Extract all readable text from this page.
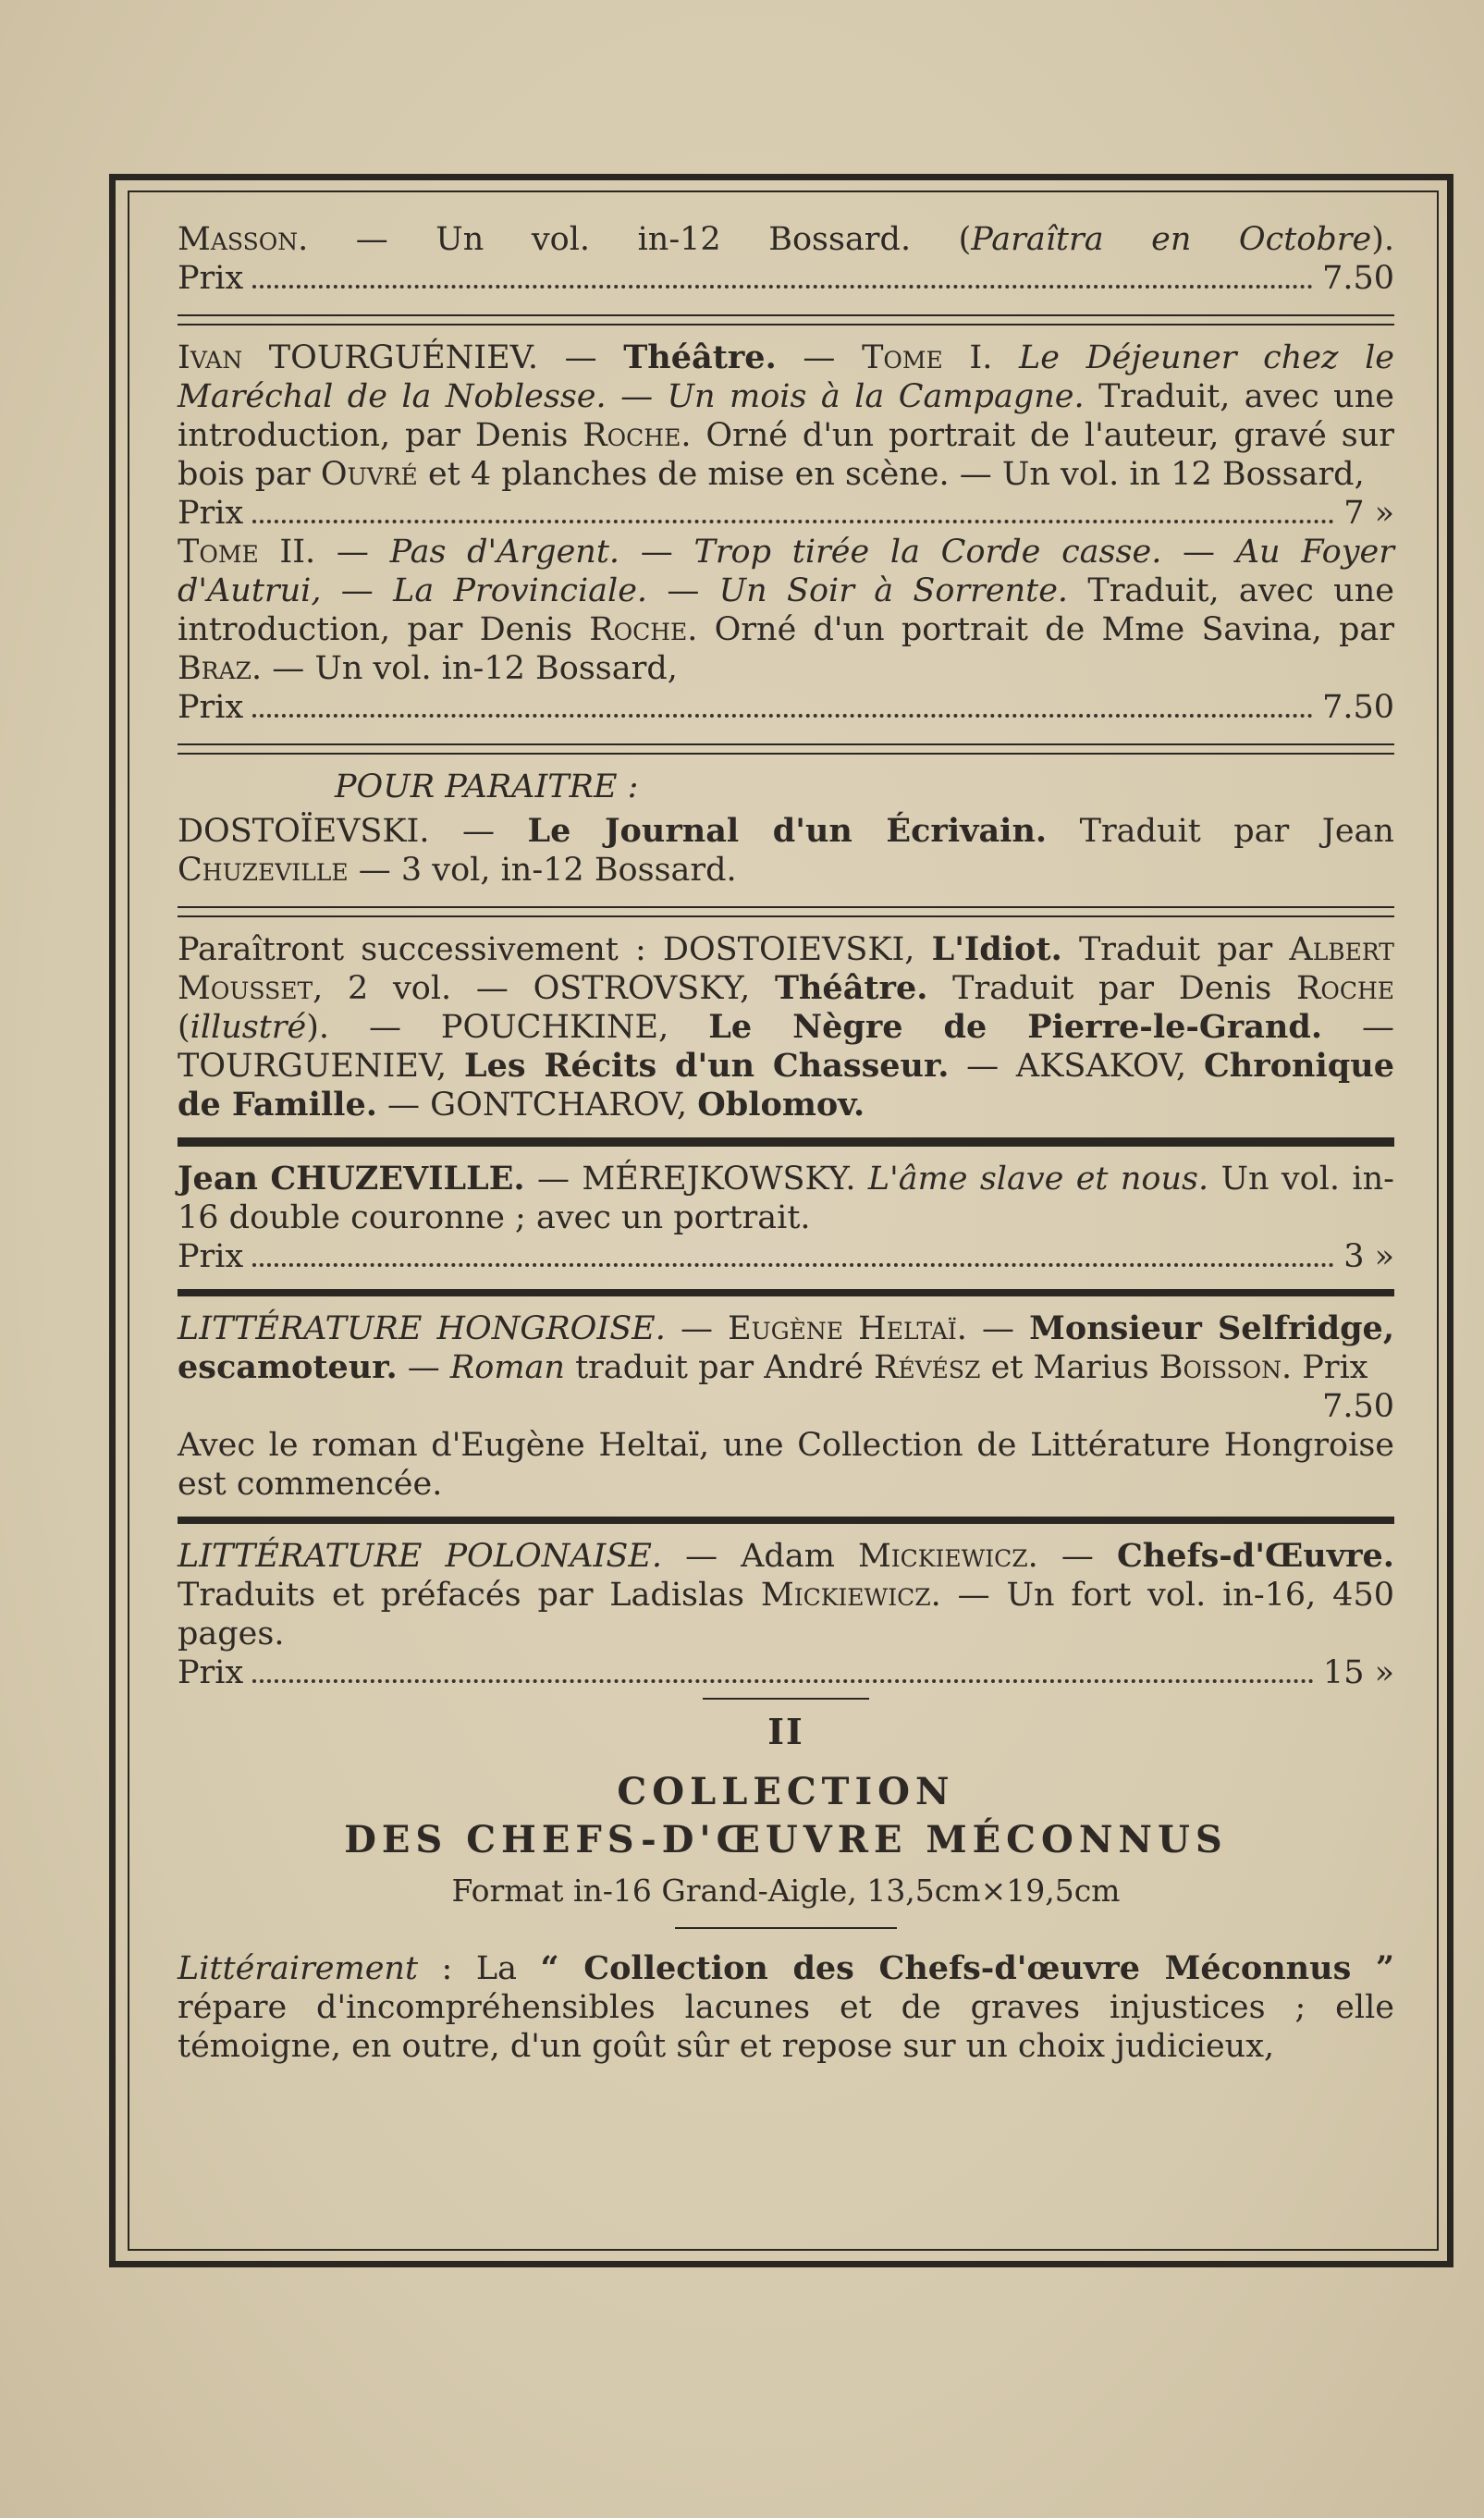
Masson. — Un vol. in-12 Bossard. (Paraîtra en Octobre).
Prix	7.50
Ivan TOURGUÉNIEV. — Théâtre. — Tome I. Le Déjeuner chez le Maréchal de la Noblesse. — Un mois à la Campagne. Traduit, avec une introduction, par Denis Roche. Orné d'un portrait de l'auteur, gravé sur bois par Ouvré et 4 planches de mise en scène. — Un vol. in 12 Bossard,
Prix	7 »
Tome II. — Pas d'Argent. — Trop tirée la Corde casse. — Au Foyer d'Autrui, — La Provinciale. — Un Soir à Sorrente. Traduit, avec une introduction, par Denis Roche. Orné d'un portrait de Mme Savina, par Braz. — Un vol. in-12 Bossard,
Prix	7.50
POUR PARAITRE :
DOSTOÏEVSKI. — Le Journal d'un Écrivain. Traduit par Jean Chuzeville — 3 vol, in-12 Bossard.
Paraîtront successivement : DOSTOIEVSKI, L'Idiot. Traduit par Albert Mousset, 2 vol. — OSTROVSKY, Théâtre. Traduit par Denis Roche (illustré). — POUCHKINE, Le Nègre de Pierre-le-Grand. — TOURGUENIEV, Les Récits d'un Chasseur. — AKSAKOV, Chronique de Famille. — GONTCHAROV, Oblomov.
Jean CHUZEVILLE. — MÉREJKOWSKY. L'âme slave et nous. Un vol. in-16 double couronne ; avec un portrait.
Prix	3 »
LITTÉRATURE HONGROISE. — Eugène Heltaï. — Monsieur Selfridge, escamoteur. — Roman traduit par André Révész et Marius Boisson. Prix
7.50
Avec le roman d'Eugène Heltaï, une Collection de Littérature Hongroise est commencée.
LITTÉRATURE POLONAISE. — Adam Mickiewicz. — Chefs-d'Œuvre. Traduits et préfacés par Ladislas Mickiewicz. — Un fort vol. in-16, 450 pages.
Prix	15 »
II
COLLECTION
DES CHEFS-D'ŒUVRE MÉCONNUS
Format in-16 Grand-Aigle, 13,5cm×19,5cm
Littérairement : La “ Collection des Chefs-d'œuvre Méconnus ” répare d'incompréhensibles lacunes et de graves injustices ; elle témoigne, en outre, d'un goût sûr et repose sur un choix judicieux,
